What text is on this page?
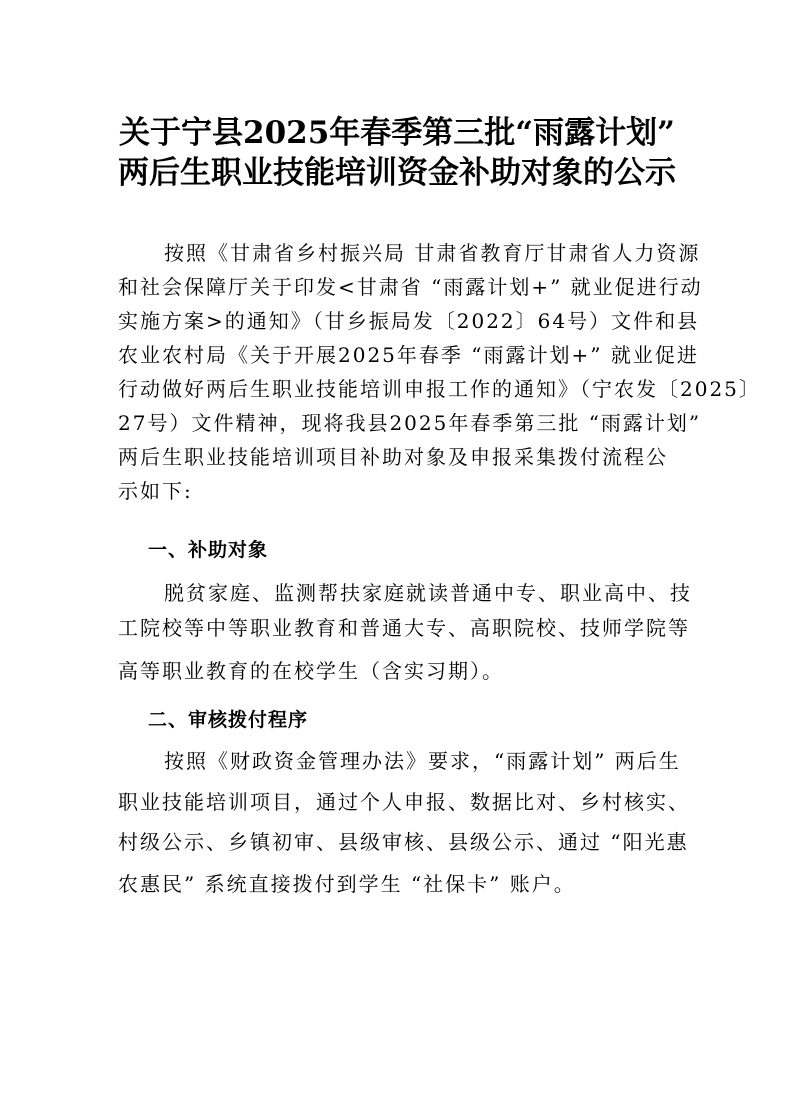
关于宁县2025年春季第三批“雨露计划”
两后生职业技能培训资金补助对象的公示
按照《甘肃省乡村振兴局 甘肃省教育厅甘肃省人力资源
和社会保障厅关于印发<甘肃省 “雨露计划+” 就业促进行动
实施方案>的通知》（甘乡振局发〔2022〕64号）文件和县
农业农村局《关于开展2025年春季 “雨露计划+” 就业促进
行动做好两后生职业技能培训申报工作的通知》（宁农发〔2025〕
27号）文件精神，现将我县2025年春季第三批 “雨露计划”
两后生职业技能培训项目补助对象及申报采集拨付流程公
示如下:
一、补助对象
脱贫家庭、监测帮扶家庭就读普通中专、职业高中、技
工院校等中等职业教育和普通大专、高职院校、技师学院等
高等职业教育的在校学生（含实习期）。
二、审核拨付程序
按照《财政资金管理办法》要求，“雨露计划” 两后生
职业技能培训项目，通过个人申报、数据比对、乡村核实、
村级公示、乡镇初审、县级审核、县级公示、通过 “阳光惠
农惠民” 系统直接拨付到学生 “社保卡” 账户。
